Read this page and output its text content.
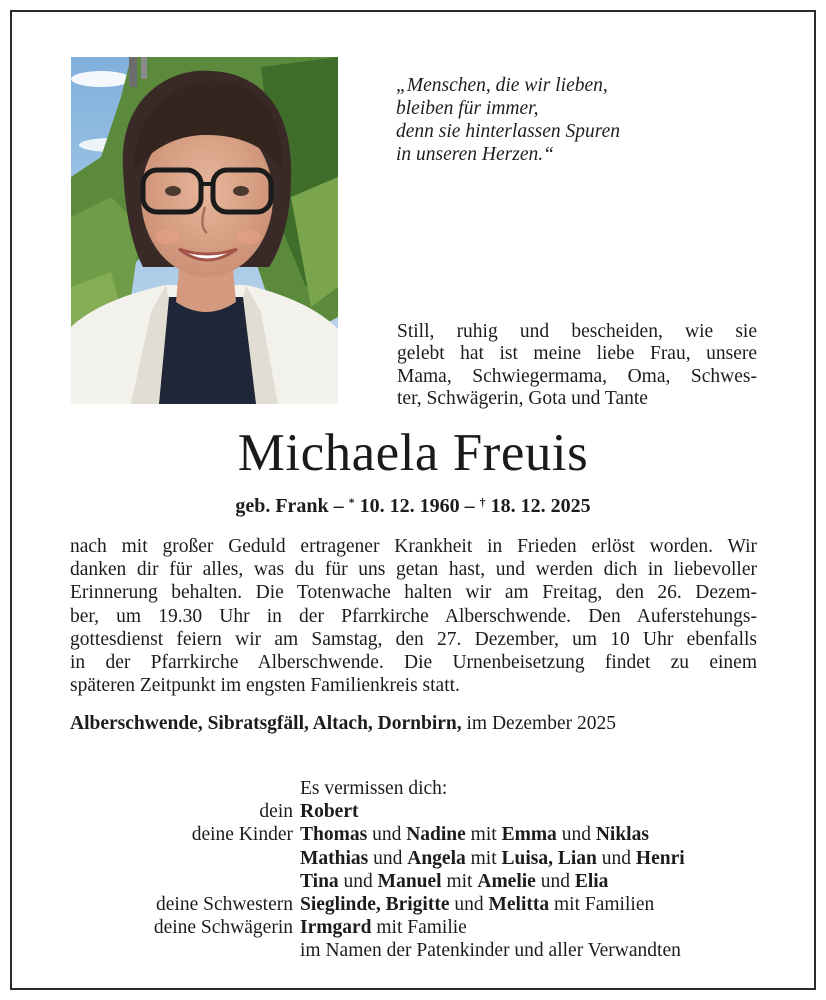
„Menschen, die wir lieben,
bleiben für immer,
denn sie hinterlassen Spuren
in unseren Herzen.“
Still, ruhig und bescheiden, wie sie
gelebt hat ist meine liebe Frau, unsere
Mama, Schwiegermama, Oma, Schwes-
ter, Schwägerin, Gota und Tante
Michaela Freuis
geb. Frank – * 10. 12. 1960 – † 18. 12. 2025
nach mit großer Geduld ertragener Krankheit in Frieden erlöst worden. Wir
danken dir für alles, was du für uns getan hast, und werden dich in liebevoller
Erinnerung behalten. Die Totenwache halten wir am Freitag, den 26. Dezem-
ber, um 19.30 Uhr in der Pfarrkirche Alberschwende. Den Auferstehungs-
gottesdienst feiern wir am Samstag, den 27. Dezember, um 10 Uhr ebenfalls
in der Pfarrkirche Alberschwende. Die Urnenbeisetzung findet zu einem
späteren Zeitpunkt im engsten Familienkreis statt.
Alberschwende, Sibratsgfäll, Altach, Dornbirn, im Dezember 2025
Es vermissen dich:
dein Robert
deine Kinder Thomas und Nadine mit Emma und Niklas
Mathias und Angela mit Luisa, Lian und Henri
Tina und Manuel mit Amelie und Elia
deine Schwestern Sieglinde, Brigitte und Melitta mit Familien
deine Schwägerin Irmgard mit Familie
im Namen der Patenkinder und aller Verwandten
